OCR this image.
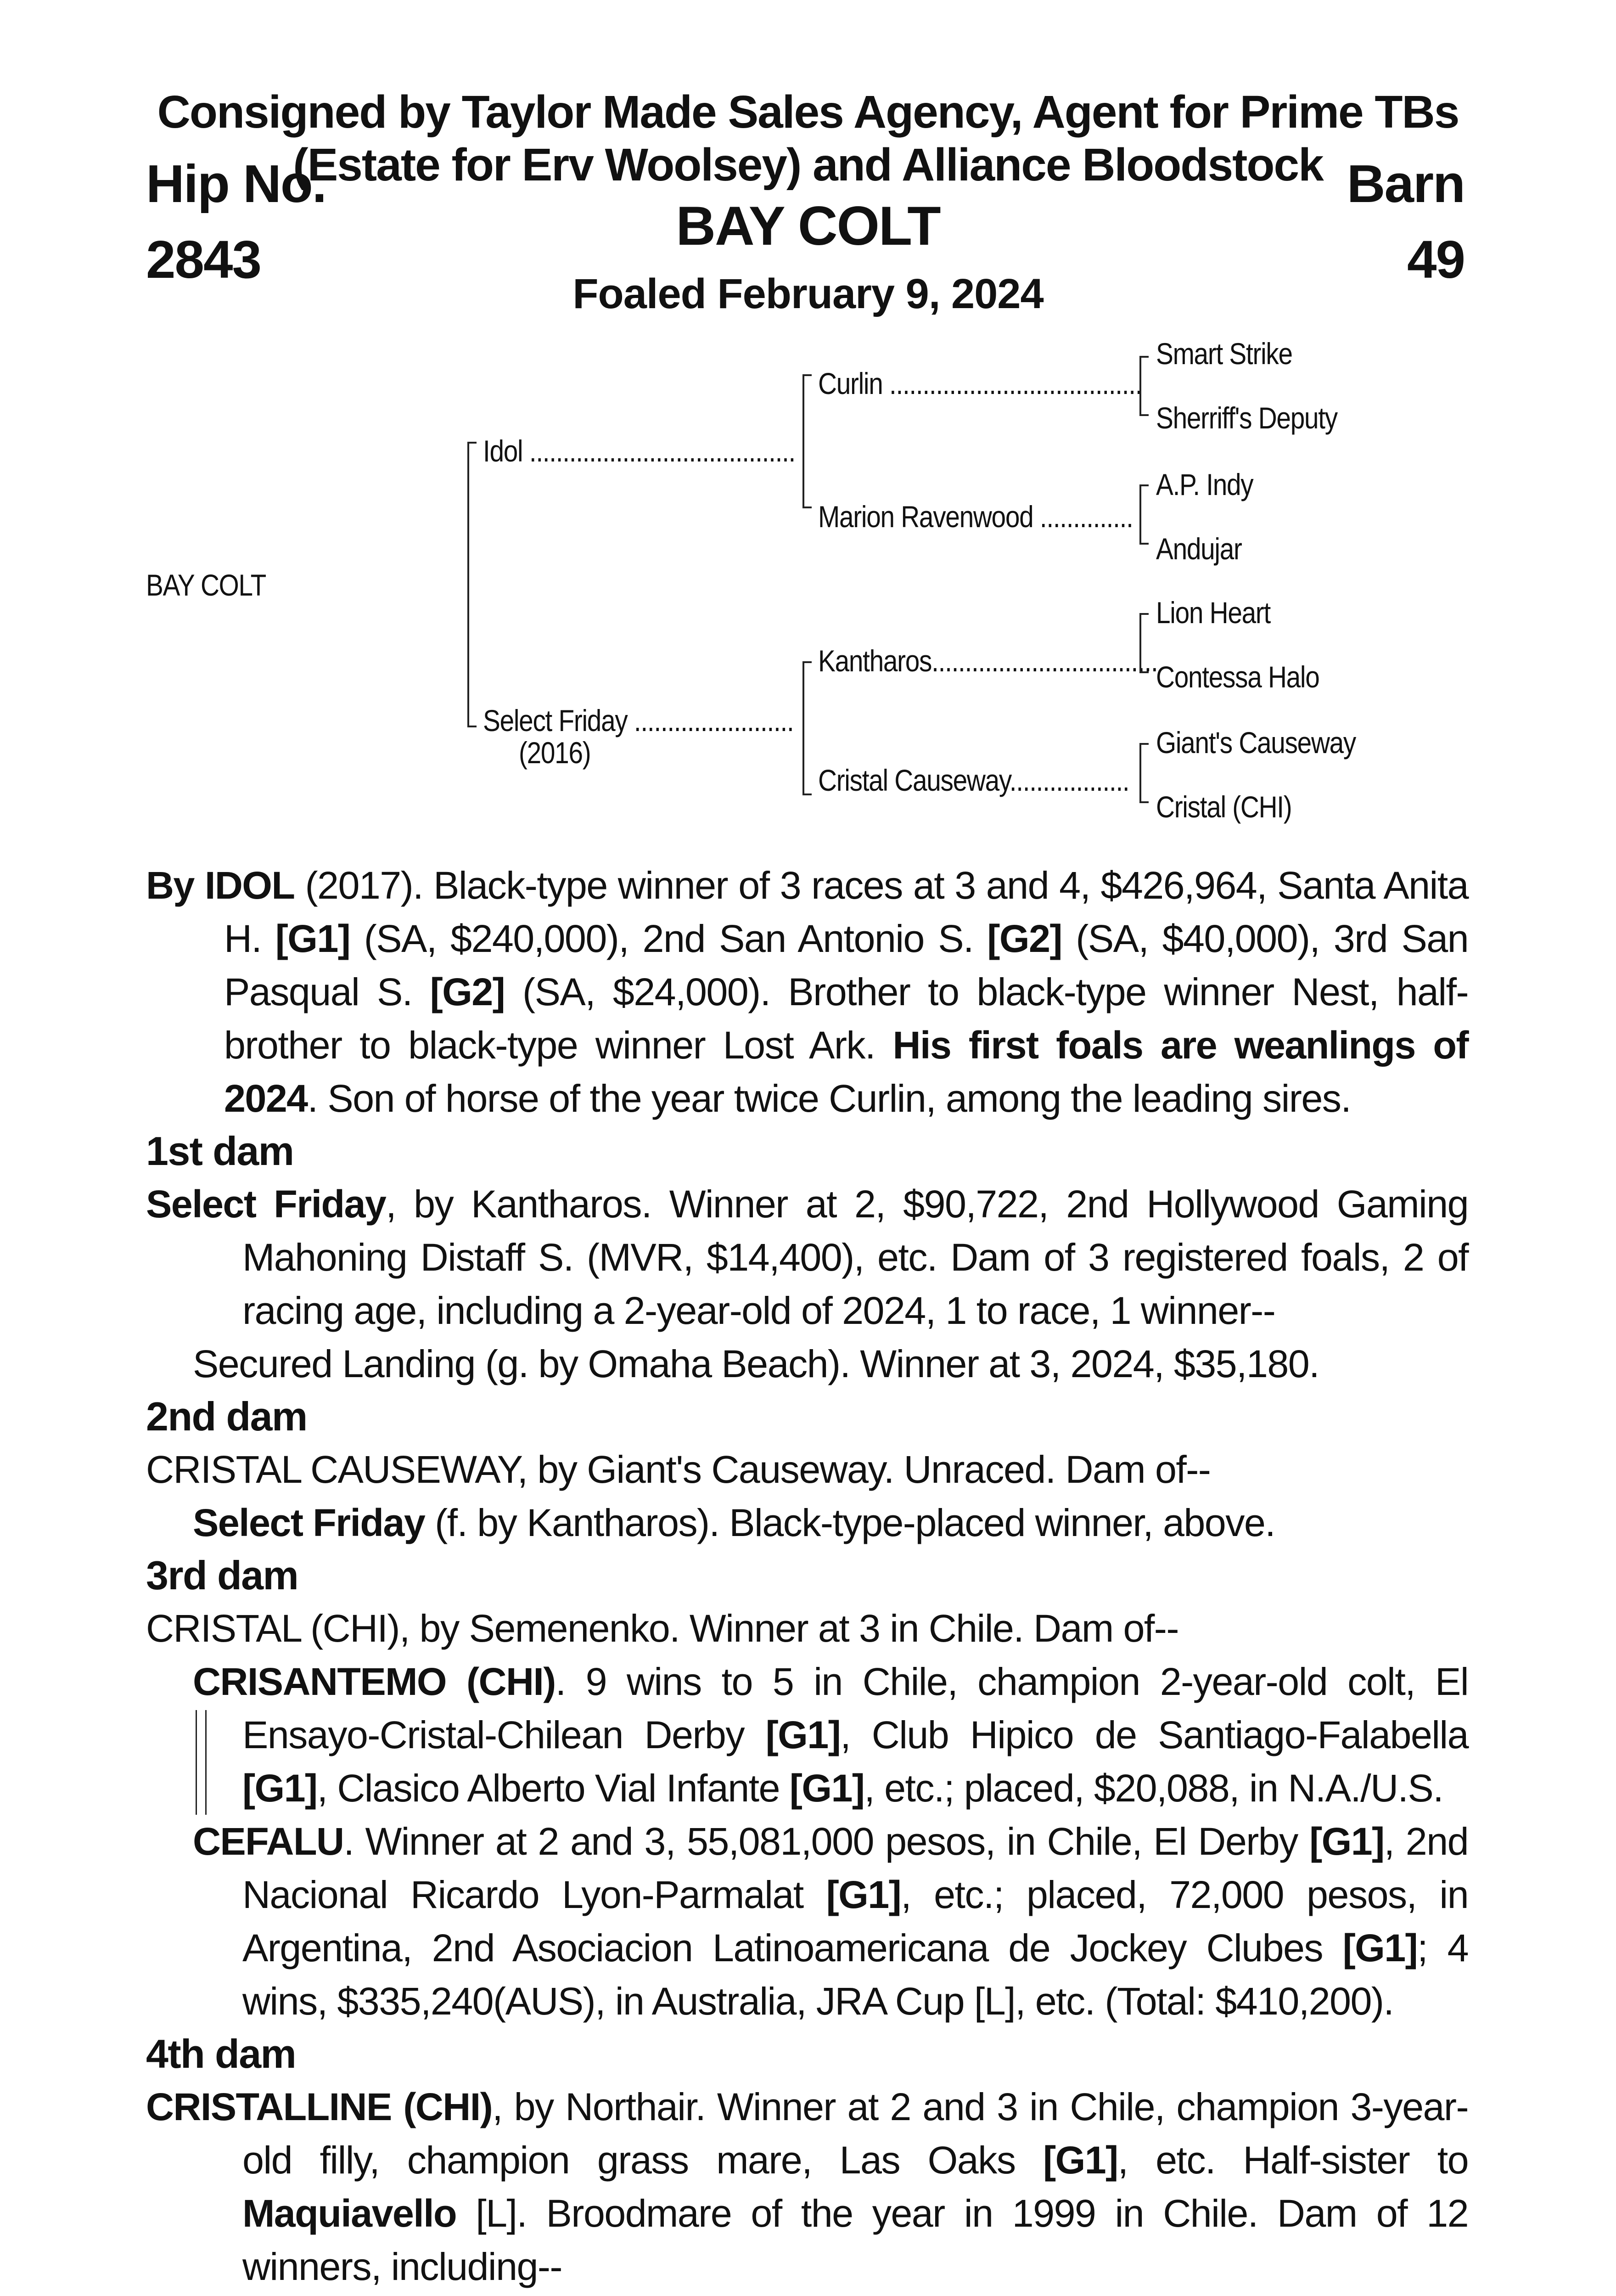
Consigned by Taylor Made Sales Agency, Agent for Prime TBs
(Estate for Erv Woolsey) and Alliance Bloodstock
Hip No.
2843
Barn
49
BAY COLT
Foaled February 9, 2024
BAY COLT
Idol ........................................
Select Friday ........................
(2016)
Curlin ......................................
Marion Ravenwood ..............
Kantharos..................................
Cristal Causeway..................
Smart Strike
Sherriff's Deputy
A.P. Indy
Andujar
Lion Heart
Contessa Halo
Giant's Causeway
Cristal (CHI)
By IDOL (2017). Black-type winner of 3 races at 3 and 4, $426,964, Santa Anita H. [G1] (SA, $240,000), 2nd San Antonio S. [G2] (SA, $40,000), 3rd San Pasqual S. [G2] (SA, $24,000). Brother to black-type winner Nest, half-brother to black-type winner Lost Ark. His first foals are weanlings of 2024. Son of horse of the year twice Curlin, among the leading sires.
1st dam
Select Friday, by Kantharos. Winner at 2, $90,722, 2nd Hollywood Gaming Mahoning Distaff S. (MVR, $14,400), etc. Dam of 3 registered foals, 2 of racing age, including a 2-year-old of 2024, 1 to race, 1 winner--
Secured Landing (g. by Omaha Beach). Winner at 3, 2024, $35,180.
2nd dam
CRISTAL CAUSEWAY, by Giant's Causeway. Unraced. Dam of--
Select Friday (f. by Kantharos). Black-type-placed winner, above.
3rd dam
CRISTAL (CHI), by Semenenko. Winner at 3 in Chile. Dam of--
CRISANTEMO (CHI). 9 wins to 5 in Chile, champion 2-year-old colt, El Ensayo-Cristal-Chilean Derby [G1], Club Hipico de Santiago-Falabella [G1], Clasico Alberto Vial Infante [G1], etc.; placed, $20,088, in N.A./U.S.
CEFALU. Winner at 2 and 3, 55,081,000 pesos, in Chile, El Derby [G1], 2nd Nacional Ricardo Lyon-Parmalat [G1], etc.; placed, 72,000 pesos, in Argentina, 2nd Asociacion Latinoamericana de Jockey Clubes [G1]; 4 wins, $335,240(AUS), in Australia, JRA Cup [L], etc. (Total: $410,200).
4th dam
CRISTALLINE (CHI), by Northair. Winner at 2 and 3 in Chile, champion 3-year-old filly, champion grass mare, Las Oaks [G1], etc. Half-sister to Maquiavello [L]. Broodmare of the year in 1999 in Chile. Dam of 12 winners, including--
